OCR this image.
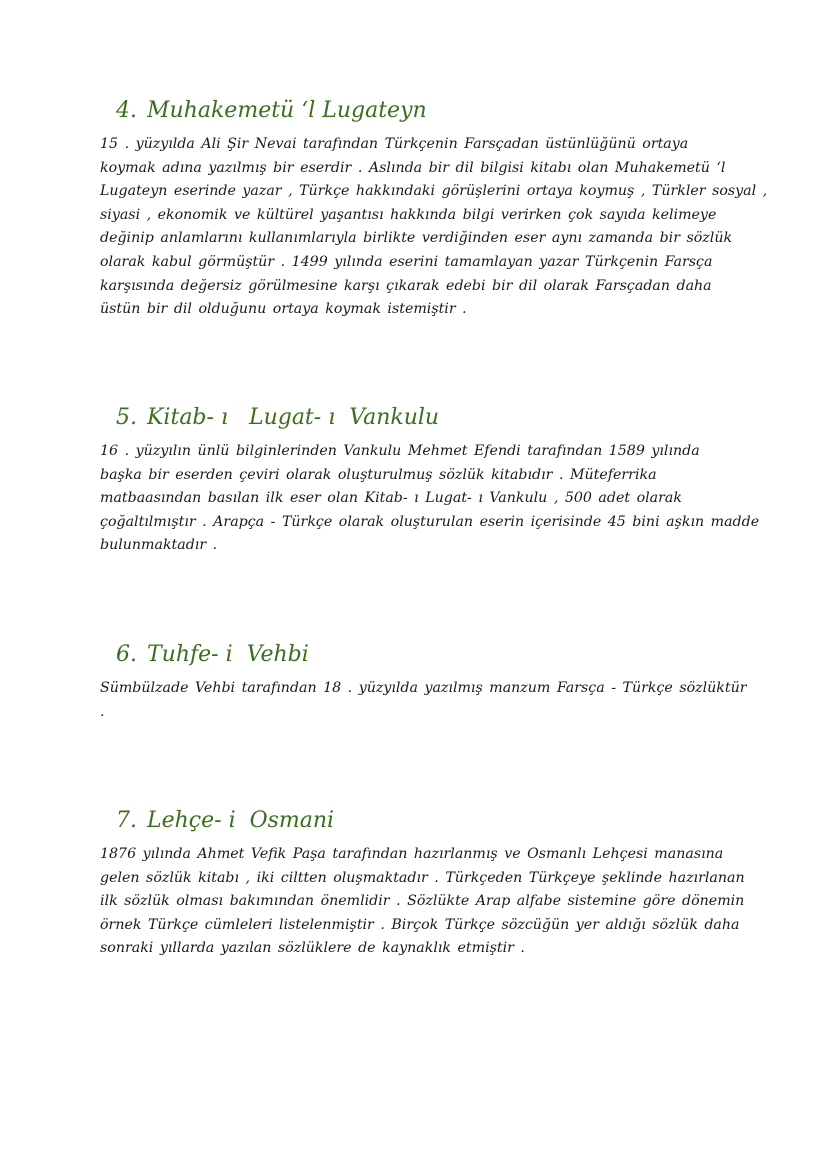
4. Muhakemetü ‘l Lugateyn
15 . yüzyılda Ali Şir Nevai tarafından Türkçenin Farsçadan üstünlüğünü ortaya
koymak adına yazılmış bir eserdir . Aslında bir dil bilgisi kitabı olan Muhakemetü ‘l
Lugateyn eserinde yazar , Türkçe hakkındaki görüşlerini ortaya koymuş , Türkler sosyal ,
siyasi , ekonomik ve kültürel yaşantısı hakkında bilgi verirken çok sayıda kelimeye
değinip anlamlarını kullanımlarıyla birlikte verdiğinden eser aynı zamanda bir sözlük
olarak kabul görmüştür . 1499 yılında eserini tamamlayan yazar Türkçenin Farsça
karşısında değersiz görülmesine karşı çıkarak edebi bir dil olarak Farsçadan daha
üstün bir dil olduğunu ortaya koymak istemiştir .
5. Kitab- ı   Lugat- ı  Vankulu
16 . yüzyılın ünlü bilginlerinden Vankulu Mehmet Efendi tarafından 1589 yılında
başka bir eserden çeviri olarak oluşturulmuş sözlük kitabıdır . Müteferrika
matbaasından basılan ilk eser olan Kitab- ı Lugat- ı Vankulu , 500 adet olarak
çoğaltılmıştır . Arapça - Türkçe olarak oluşturulan eserin içerisinde 45 bini aşkın madde
bulunmaktadır .
6. Tuhfe- i  Vehbi
Sümbülzade Vehbi tarafından 18 . yüzyılda yazılmış manzum Farsça - Türkçe sözlüktür
.
7. Lehçe- i  Osmani
1876 yılında Ahmet Vefik Paşa tarafından hazırlanmış ve Osmanlı Lehçesi manasına
gelen sözlük kitabı , iki ciltten oluşmaktadır . Türkçeden Türkçeye şeklinde hazırlanan
ilk sözlük olması bakımından önemlidir . Sözlükte Arap alfabe sistemine göre dönemin
örnek Türkçe cümleleri listelenmiştir . Birçok Türkçe sözcüğün yer aldığı sözlük daha
sonraki yıllarda yazılan sözlüklere de kaynaklık etmiştir .
